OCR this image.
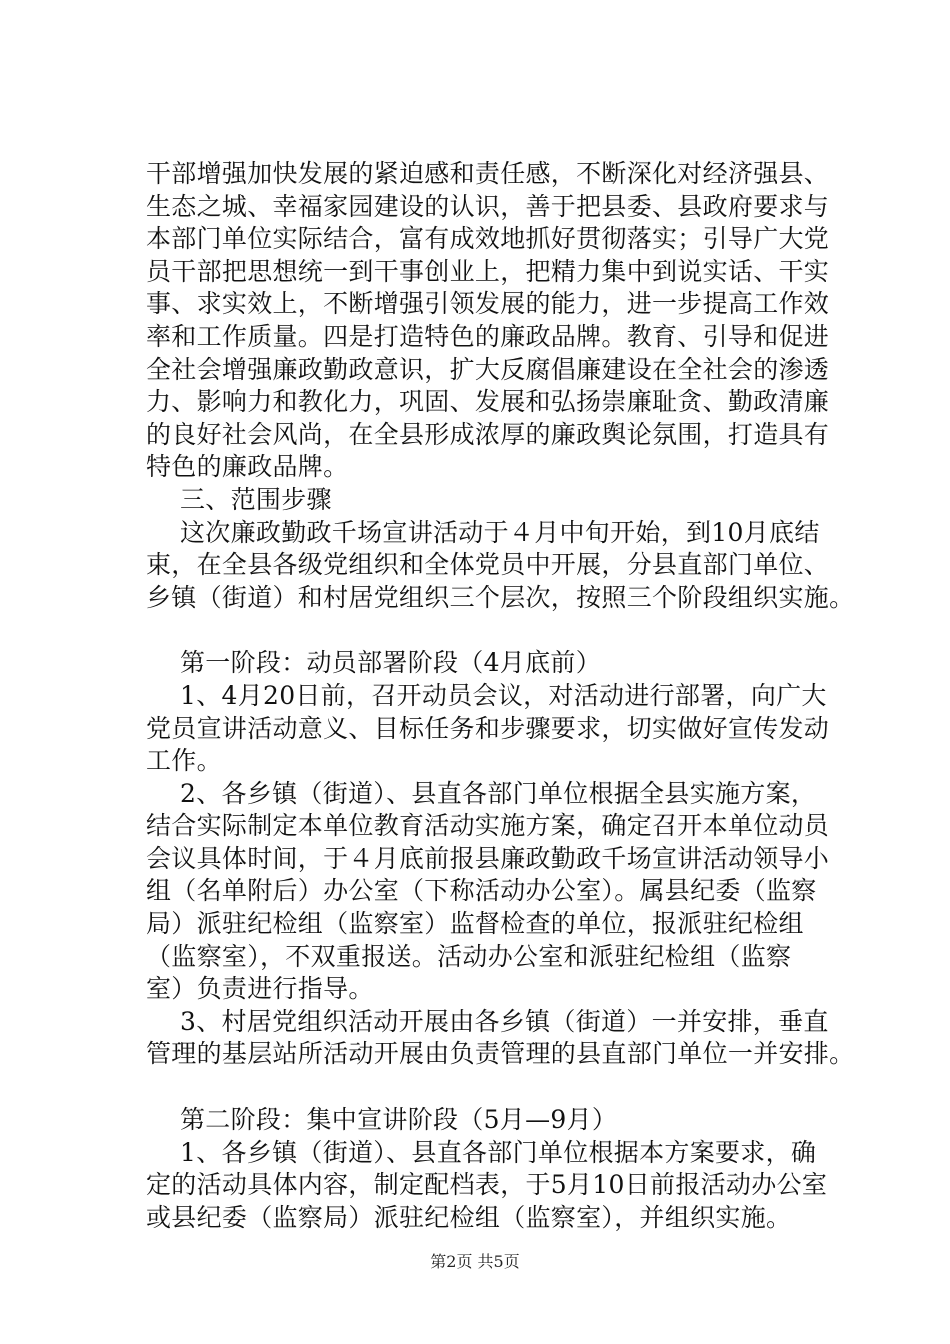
干部增强加快发展的紧迫感和责任感，不断深化对经济强县、
生态之城、幸福家园建设的认识，善于把县委、县政府要求与
本部门单位实际结合，富有成效地抓好贯彻落实；引导广大党
员干部把思想统一到干事创业上，把精力集中到说实话、干实
事、求实效上，不断增强引领发展的能力，进一步提高工作效
率和工作质量。四是打造特色的廉政品牌。教育、引导和促进
全社会增强廉政勤政意识，扩大反腐倡廉建设在全社会的渗透
力、影响力和教化力，巩固、发展和弘扬崇廉耻贪、勤政清廉
的良好社会风尚，在全县形成浓厚的廉政舆论氛围，打造具有
特色的廉政品牌。
三、范围步骤
这次廉政勤政千场宣讲活动于４月中旬开始，到10月底结
束，在全县各级党组织和全体党员中开展，分县直部门单位、
乡镇（街道）和村居党组织三个层次，按照三个阶段组织实施。
第一阶段：动员部署阶段（4月底前）
1、4月20日前，召开动员会议，对活动进行部署，向广大
党员宣讲活动意义、目标任务和步骤要求，切实做好宣传发动
工作。
2、各乡镇（街道）、县直各部门单位根据全县实施方案，
结合实际制定本单位教育活动实施方案，确定召开本单位动员
会议具体时间，于４月底前报县廉政勤政千场宣讲活动领导小
组（名单附后）办公室（下称活动办公室）。属县纪委（监察
局）派驻纪检组（监察室）监督检查的单位，报派驻纪检组
（监察室），不双重报送。活动办公室和派驻纪检组（监察
室）负责进行指导。
3、村居党组织活动开展由各乡镇（街道）一并安排，垂直
管理的基层站所活动开展由负责管理的县直部门单位一并安排。
第二阶段：集中宣讲阶段（5月—9月）
1、各乡镇（街道）、县直各部门单位根据本方案要求，确
定的活动具体内容，制定配档表，于5月10日前报活动办公室
或县纪委（监察局）派驻纪检组（监察室），并组织实施。
第2页 共5页
